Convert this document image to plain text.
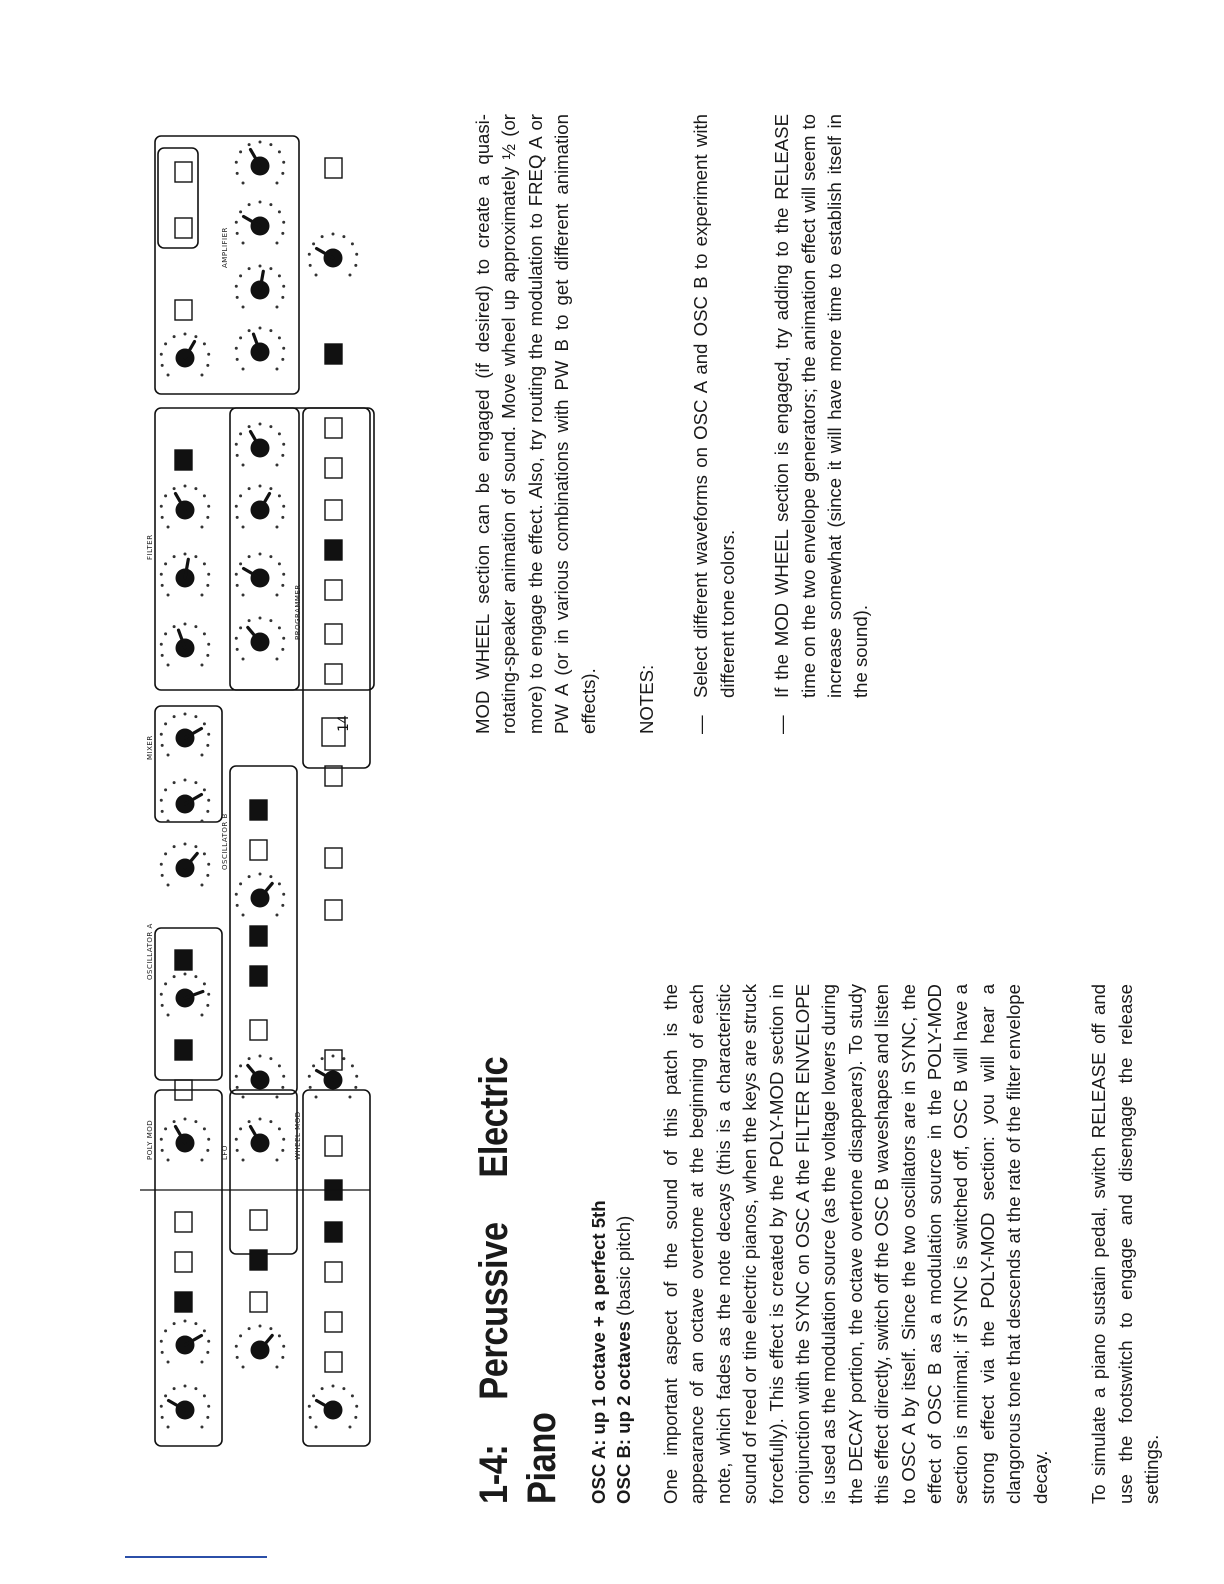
14
POLY MOD	LFO	WHEEL MOD
OSCILLATOR A
OSCILLATOR B
MIXER
FILTER
AMPLIFIER
PROGRAMMER
1-4: Percussive Electric Piano OSC A: up 1 octave + a perfect 5th OSC B: up 2 octaves (basic pitch) One important aspect of the sound of this patch is the appearance of an octave overtone at the beginning of each note, which fades as the note decays (this is a characteristic sound of reed or tine electric pianos, when the keys are struck forcefully). This effect is created by the POLY-MOD section in conjunction with the SYNC on OSC A the FILTER ENVELOPE is used as the modulation source (as the voltage lowers during the DECAY portion, the octave overtone disappears). To study this effect directly, switch off the OSC B waveshapes and listen to OSC A by itself. Since the two oscillators are in SYNC, the effect of OSC B as a modulation source in the POLY-MOD section is minimal; if SYNC is switched off, OSC B will have a strong effect via the POLY-MOD section: you will hear a clangorous tone that descends at the rate of the filter envelope decay. To simulate a piano sustain pedal, switch RELEASE off and use the footswitch to engage and disengage the release settings.

MOD WHEEL section can be engaged (if desired) to create a quasi-rotating-speaker animation of sound. Move wheel up approximately ½ (or more) to engage the effect. Also, try routing the modulation to FREQ A or PW A (or in various combinations with PW B to get different animation effects). NOTES: —
Select different waveforms on OSC A and OSC B to experiment with different tone colors.
—
If the MOD WHEEL section is engaged, try adding to the RELEASE time on the two envelope generators; the animation effect will seem to increase somewhat (since it will have more time to establish itself in the sound).
